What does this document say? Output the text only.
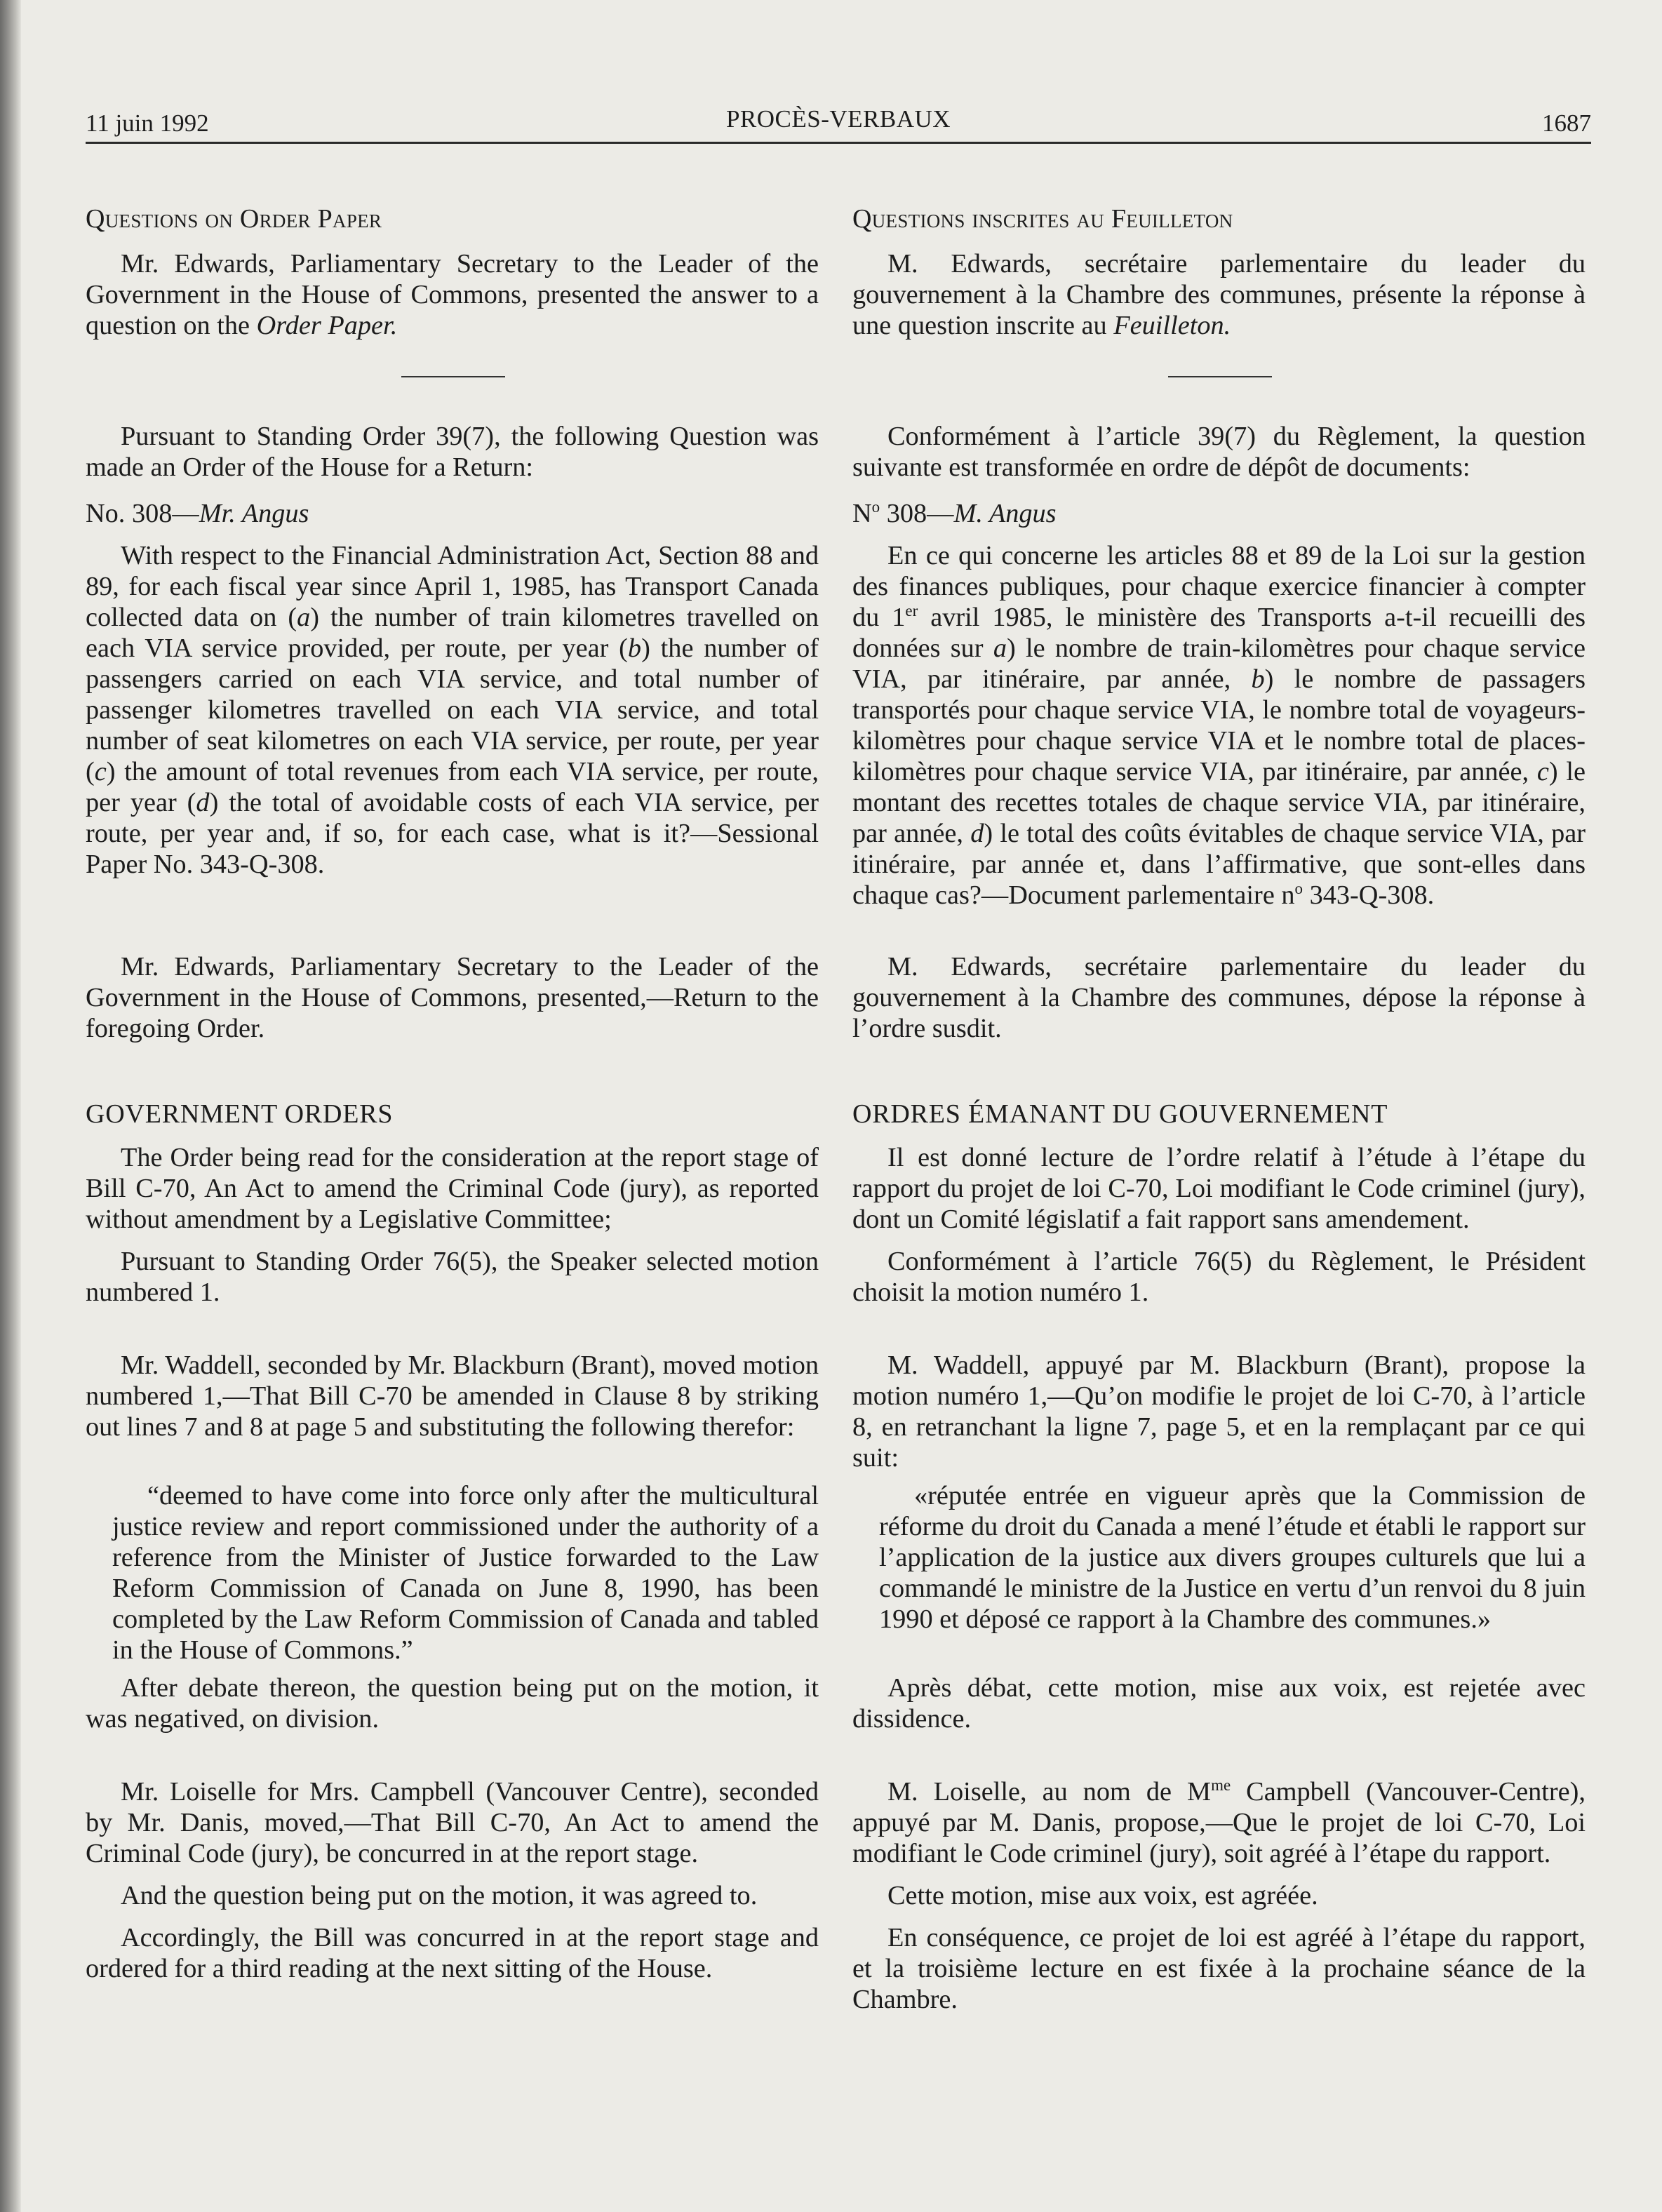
11 juin 1992	PROCÈS-VERBAUX	1687

Questions on Order Paper

Mr. Edwards, Parliamentary Secretary to the Leader of the Government in the House of Commons, presented the answer to a question on the Order Paper.

Pursuant to Standing Order 39(7), the following Question was made an Order of the House for a Return:

No. 308—Mr. Angus

With respect to the Financial Administration Act, Section 88 and 89, for each fiscal year since April 1, 1985, has Transport Canada collected data on (a) the number of train kilometres travelled on each VIA service provided, per route, per year (b) the number of passengers carried on each VIA service, and total number of passenger kilometres travelled on each VIA service, and total number of seat kilometres on each VIA service, per route, per year (c) the amount of total revenues from each VIA service, per route, per year (d) the total of avoidable costs of each VIA service, per route, per year and, if so, for each case, what is it?—Sessional Paper No. 343-Q-308.

Mr. Edwards, Parliamentary Secretary to the Leader of the Government in the House of Commons, presented,—Return to the foregoing Order.

GOVERNMENT ORDERS

The Order being read for the consideration at the report stage of Bill C-70, An Act to amend the Criminal Code (jury), as reported without amendment by a Legislative Committee;

Pursuant to Standing Order 76(5), the Speaker selected motion numbered 1.

Mr. Waddell, seconded by Mr. Blackburn (Brant), moved motion numbered 1,—That Bill C-70 be amended in Clause 8 by striking out lines 7 and 8 at page 5 and substituting the following therefor:

“deemed to have come into force only after the multicultural justice review and report commissioned under the authority of a reference from the Minister of Justice forwarded to the Law Reform Commission of Canada on June 8, 1990, has been completed by the Law Reform Commission of Canada and tabled in the House of Commons.”

After debate thereon, the question being put on the motion, it was negatived, on division.

Mr. Loiselle for Mrs. Campbell (Vancouver Centre), seconded by Mr. Danis, moved,—That Bill C-70, An Act to amend the Criminal Code (jury), be concurred in at the report stage.

And the question being put on the motion, it was agreed to.

Accordingly, the Bill was concurred in at the report stage and ordered for a third reading at the next sitting of the House.

Questions inscrites au Feuilleton

M. Edwards, secrétaire parlementaire du leader du gouvernement à la Chambre des communes, présente la réponse à une question inscrite au Feuilleton.

Conformément à l’article 39(7) du Règlement, la question suivante est transformée en ordre de dépôt de documents:

$N^o$ 308—M. Angus

En ce qui concerne les articles 88 et 89 de la Loi sur la gestion des finances publiques, pour chaque exercice financier à compter du 1er avril 1985, le ministère des Transports a-t-il recueilli des données sur a) le nombre de train-kilomètres pour chaque service VIA, par itinéraire, par année, b) le nombre de passagers transportés pour chaque service VIA, le nombre total de voyageurs-kilomètres pour chaque service VIA et le nombre total de places-kilomètres pour chaque service VIA, par itinéraire, par année, c) le montant des recettes totales de chaque service VIA, par itinéraire, par année, d) le total des coûts évitables de chaque service VIA, par itinéraire, par année et, dans l’affirmative, que sont-elles dans chaque cas?—Document parlementaire $n^o$ 343-Q-308.

M. Edwards, secrétaire parlementaire du leader du gouvernement à la Chambre des communes, dépose la réponse à l’ordre susdit.

ORDRES ÉMANANT DU GOUVERNEMENT

Il est donné lecture de l’ordre relatif à l’étude à l’étape du rapport du projet de loi C-70, Loi modifiant le Code criminel (jury), dont un Comité législatif a fait rapport sans amendement.

Conformément à l’article 76(5) du Règlement, le Président choisit la motion numéro 1.

M. Waddell, appuyé par M. Blackburn (Brant), propose la motion numéro 1,—Qu’on modifie le projet de loi C-70, à l’article 8, en retranchant la ligne 7, page 5, et en la remplaçant par ce qui suit:

«réputée entrée en vigueur après que la Commission de réforme du droit du Canada a mené l’étude et établi le rapport sur l’application de la justice aux divers groupes culturels que lui a commandé le ministre de la Justice en vertu d’un renvoi du 8 juin 1990 et déposé ce rapport à la Chambre des communes.»

Après débat, cette motion, mise aux voix, est rejetée avec dissidence.

M. Loiselle, au nom de $M^{me}$ Campbell (Vancouver-Centre), appuyé par M. Danis, propose,—Que le projet de loi C-70, Loi modifiant le Code criminel (jury), soit agréé à l’étape du rapport.

Cette motion, mise aux voix, est agréée.

En conséquence, ce projet de loi est agréé à l’étape du rapport, et la troisième lecture en est fixée à la prochaine séance de la Chambre.
